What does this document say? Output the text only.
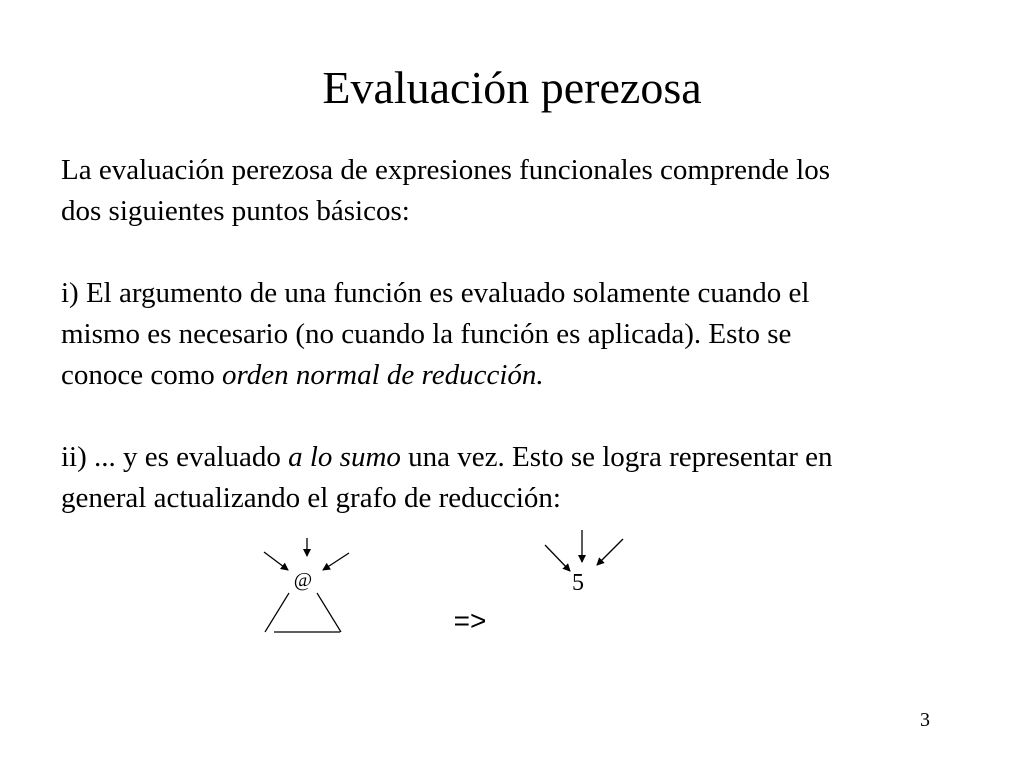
Evaluación perezosa

La evaluación perezosa de expresiones funcionales comprende los
dos siguientes puntos básicos:

i) El argumento de una función es evaluado solamente cuando el
mismo es necesario (no cuando la función es aplicada). Esto se
conoce como orden normal de reducción.

ii) ... y es evaluado a lo sumo una vez. Esto se logra representar en
general actualizando el grafo de reducción:

@
=>
5
3
